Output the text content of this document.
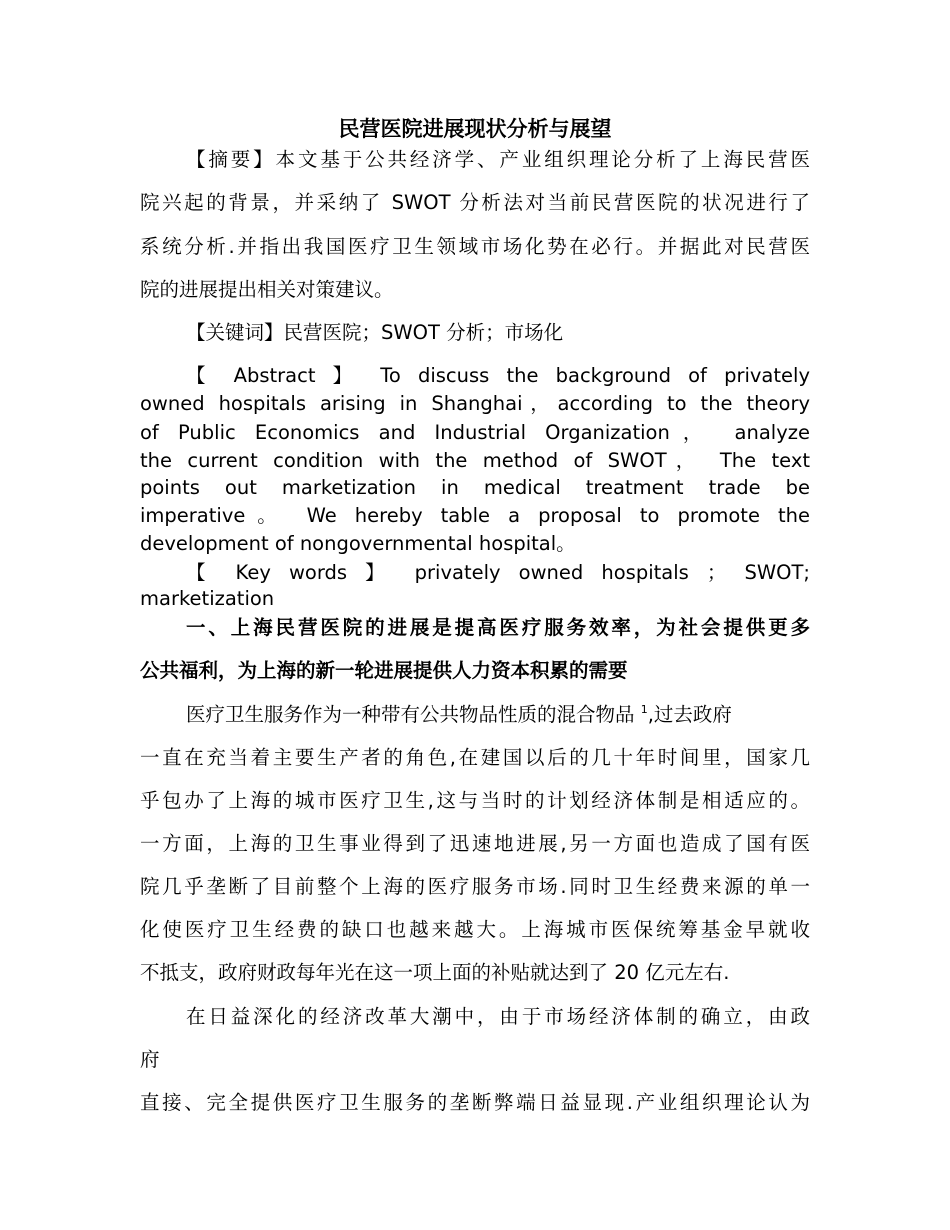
民营医院进展现状分析与展望
【摘要】本文基于公共经济学、产业组织理论分析了上海民营医
院兴起的背景，并采纳了 SWOT 分析法对当前民营医院的状况进行了
系统分析.并指出我国医疗卫生领域市场化势在必行。并据此对民营医
院的进展提出相关对策建议。
【关键词】民营医院；SWOT 分析；市场化
【 Abstract 】 To discuss the background of privately
owned hospitals arising in Shanghai，according to the theory
of Public Economics and Industrial Organization， analyze
the current condition with the method of SWOT， The text
points out marketization in medical treatment trade be
imperative。 We hereby table a proposal to promote the
development of nongovernmental hospital。
【 Key words 】 privately owned hospitals ； SWOT;
marketization
一、上海民营医院的进展是提高医疗服务效率，为社会提供更多
公共福利，为上海的新一轮进展提供人力资本积累的需要
医疗卫生服务作为一种带有公共物品性质的混合物品 $^1$,过去政府
一直在充当着主要生产者的角色,在建国以后的几十年时间里，国家几
乎包办了上海的城市医疗卫生,这与当时的计划经济体制是相适应的。
一方面，上海的卫生事业得到了迅速地进展,另一方面也造成了国有医
院几乎垄断了目前整个上海的医疗服务市场.同时卫生经费来源的单一
化使医疗卫生经费的缺口也越来越大。上海城市医保统筹基金早就收
不抵支，政府财政每年光在这一项上面的补贴就达到了 20 亿元左右.
在日益深化的经济改革大潮中，由于市场经济体制的确立，由政
府
直接、完全提供医疗卫生服务的垄断弊端日益显现.产业组织理论认为
